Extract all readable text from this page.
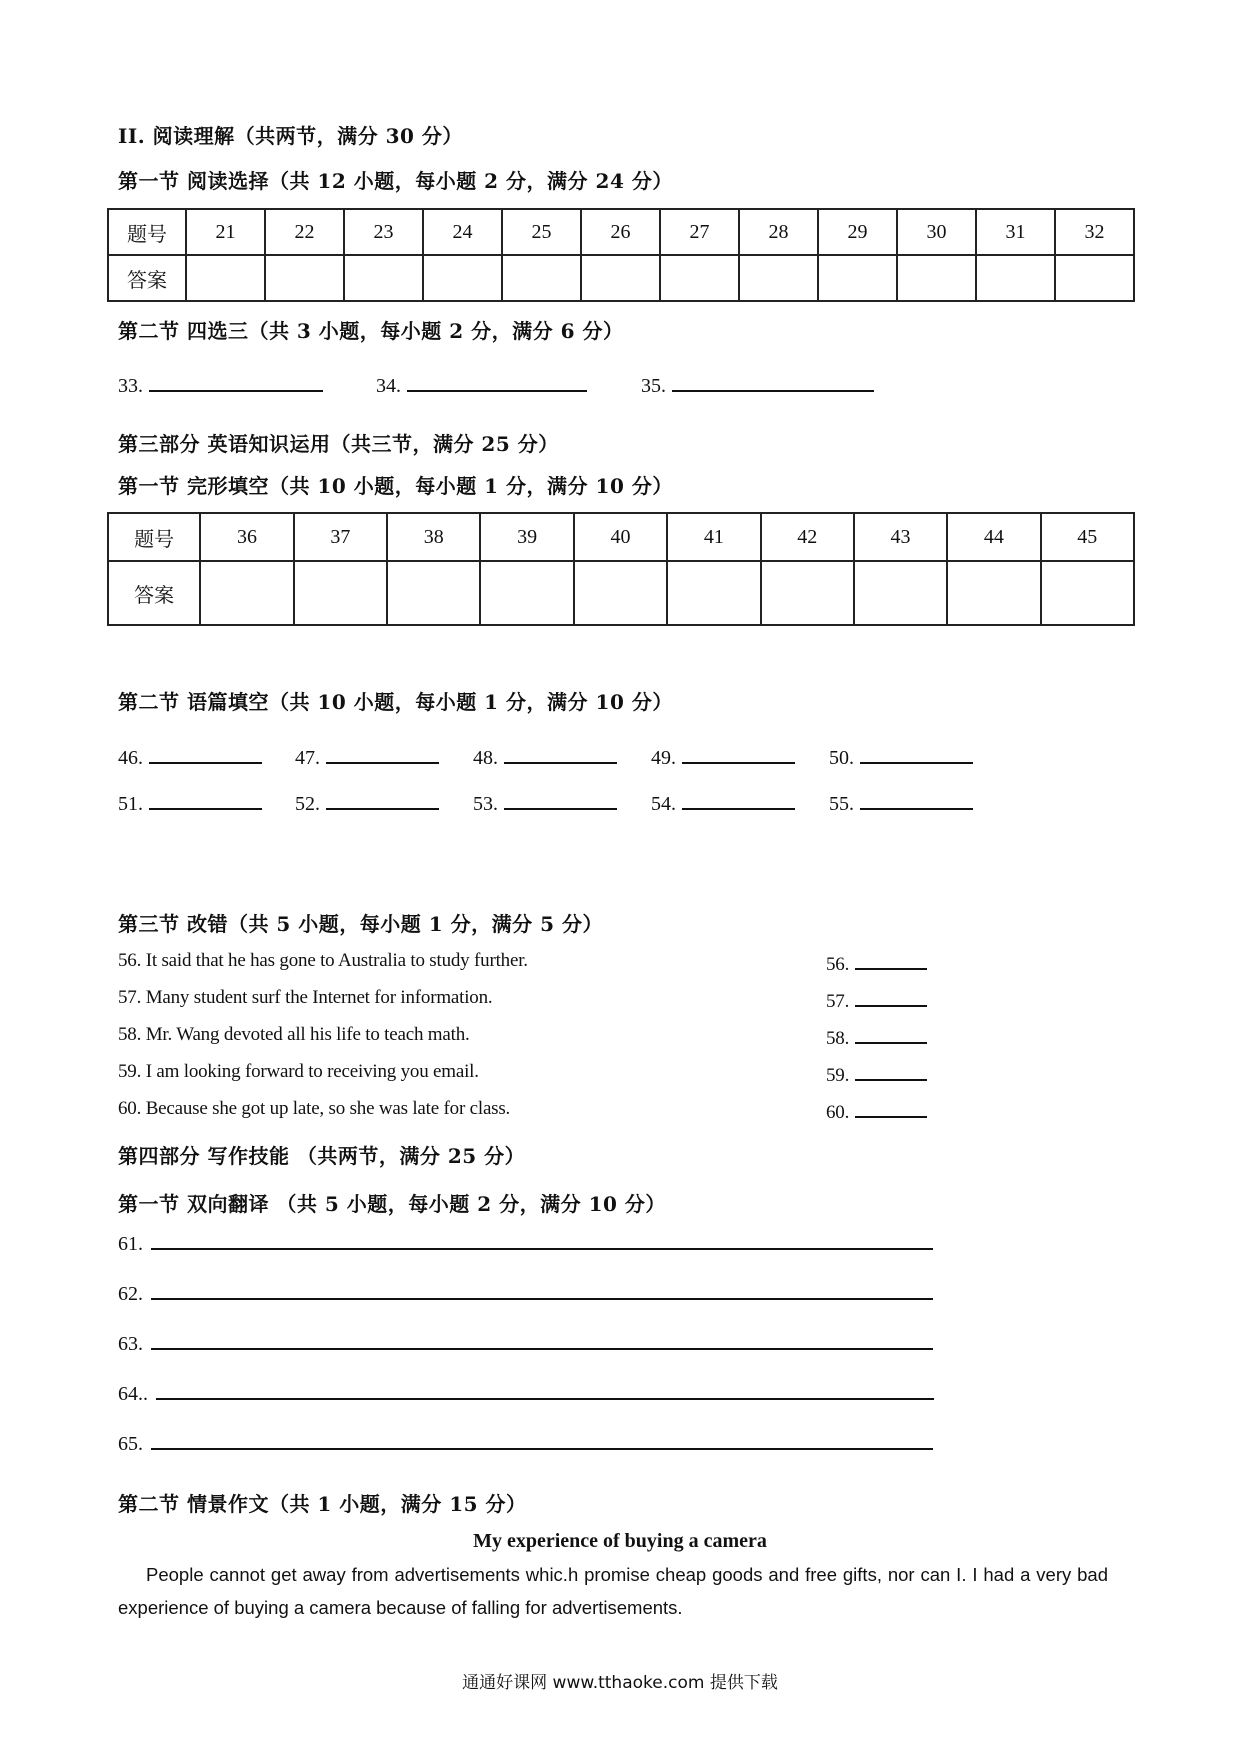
II. 阅读理解（共两节，满分 30 分）
第一节 阅读选择（共 12 小题，每小题 2 分，满分 24 分）
题号	21	22	23	24	25	26	27	28	29	30	31	32
答案												
第二节 四选三（共 3 小题，每小题 2 分，满分 6 分）
33.	34.	35.
第三部分 英语知识运用（共三节，满分 25 分）
第一节 完形填空（共 10 小题，每小题 1 分，满分 10 分）
题号	36	37	38	39	40	41	42	43	44	45
答案										
第二节 语篇填空（共 10 小题，每小题 1 分，满分 10 分）
46.	47.	48.	49.	50.
51.	52.	53.	54.	55.
第三节 改错（共 5 小题，每小题 1 分，满分 5 分）
56. It said that he has gone to Australia to study further.	56.
57. Many student surf the Internet for information.	57.
58. Mr. Wang devoted all his life to teach math.	58.
59. I am looking forward to receiving you email.	59.
60. Because she got up late, so she was late for class.	60.
第四部分 写作技能 （共两节，满分 25 分）
第一节 双向翻译 （共 5 小题，每小题 2 分，满分 10 分）
61.
62.
63.
64..
65.
第二节 情景作文（共 1 小题，满分 15 分）
My experience of buying a camera
People cannot get away from advertisements whic.h promise cheap goods and free gifts, nor can I. I had a very bad experience of buying a camera because of falling for advertisements.
通通好课网 www.tthaoke.com 提供下载
